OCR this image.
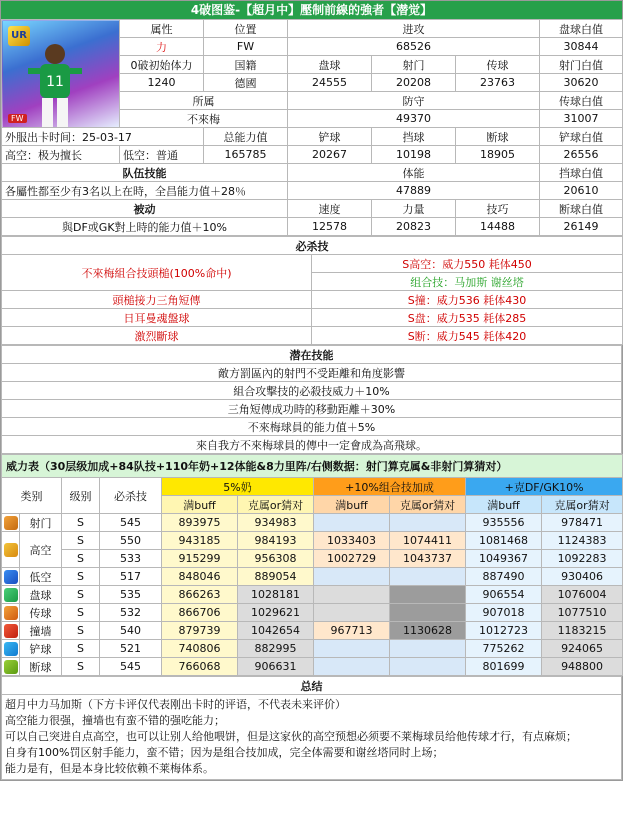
4破图鉴-【超月中】壓制前線的強者【潜觉】
UR
11
FW	属性	位置	进攻			盘球白值
	力	FW	68526			30844
	0破初始体力	国籍	盘球	射门	传球	射门白值
	1240	德國	24555	20208	23763	30620
	所属		防守			传球白值
	不來梅		49370			31007
外服出卡时间：25-03-17		总能力值	铲球	挡球	断球	铲球白值
高空：极为擅长	低空：普通	165785	20267	10198	18905	26556
队伍技能			体能			挡球白值
各屬性都至少有3名以上在時，全昌能力值＋28％			47889			20610
被动			速度	力量	技巧	断球白值
與DF或GK對上時的能力值＋10%			12578	20823	14488	26149
必杀技	
不來梅組合技頭槌(100%命中)	S高空：威力550 耗体450
	组合技：马加斯 谢丝塔
頭槌接力三角短傳	S撞：威力536 耗体430
日耳曼魂盤球	S盘：威力535 耗体285
激烈斷球	S断：威力545 耗体420
潜在技能
敵方罰區內的射門不受距離和角度影響
組合攻擊技的必殺技威力＋10%
三角短傳成功時的移動距離＋30%
不來梅球員的能力值＋5%
來自我方不來梅球員的傳中一定會成為高飛球。
威力表（30层级加成+84队技+110年奶+12体能&8力里阵/右侧数据：射门算克属&非射门算猜对）									
类别		级别	必杀技	5%奶		+10%组合技加成		+克DF/GK10%	
				满buff	克属or猜对	满buff	克属or猜对	满buff	克属or猜对
	射门	S	545	893975	934983			935556	978471
	高空	S	550	943185	984193	1033403	1074411	1081468	1124383
		S	533	915299	956308	1002729	1043737	1049367	1092283
	低空	S	517	848046	889054			887490	930406
	盘球	S	535	866263	1028181			906554	1076004
	传球	S	532	866706	1029621			907018	1077510
	撞墙	S	540	879739	1042654	967713	1130628	1012723	1183215
	铲球	S	521	740806	882995			775262	924065
	断球	S	545	766068	906631			801699	948800
总结

超月中力马加斯（下方卡评仅代表刚出卡时的评语，不代表未来评价）
高空能力很强，撞墙也有蛮不错的强吃能力；
可以自己突进自点高空，也可以让别人给他喂饼，但是这家伙的高空预想必须要不莱梅球员给他传球才行，有点麻烦；
自身有100%罚区射手能力，蛮不错；因为是组合技加成，完全体需要和谢丝塔同时上场；
能力是有，但是本身比较依赖不莱梅体系。
